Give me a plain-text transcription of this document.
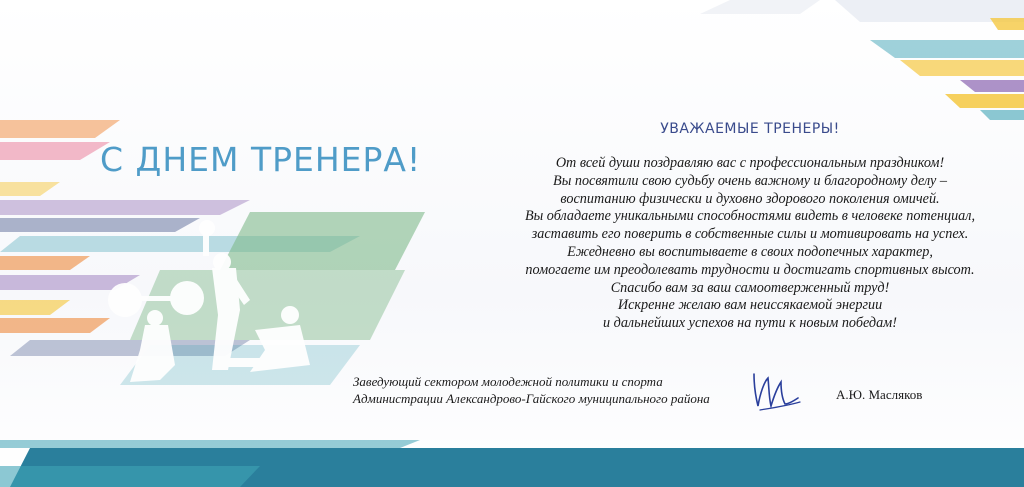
С ДНЕМ ТРЕНЕРА!
УВАЖАЕМЫЕ ТРЕНЕРЫ!
От всей души поздравляю вас с профессиональным праздником!
Вы посвятили свою судьбу очень важному и благородному делу –
воспитанию физически и духовно здорового поколения омичей.
Вы обладаете уникальными способностями видеть в человеке потенциал,
заставить его поверить в собственные силы и мотивировать на успех.
Ежедневно вы воспитываете в своих подопечных характер,
помогаете им преодолевать трудности и достигать спортивных высот.
Спасибо вам за ваш самоотверженный труд!
Искренне желаю вам неиссякаемой энергии
и дальнейших успехов на пути к новым победам!
Заведующий сектором молодежной политики и спорта
Администрации Александрово-Гайского муниципального района	А.Ю. Масляков
